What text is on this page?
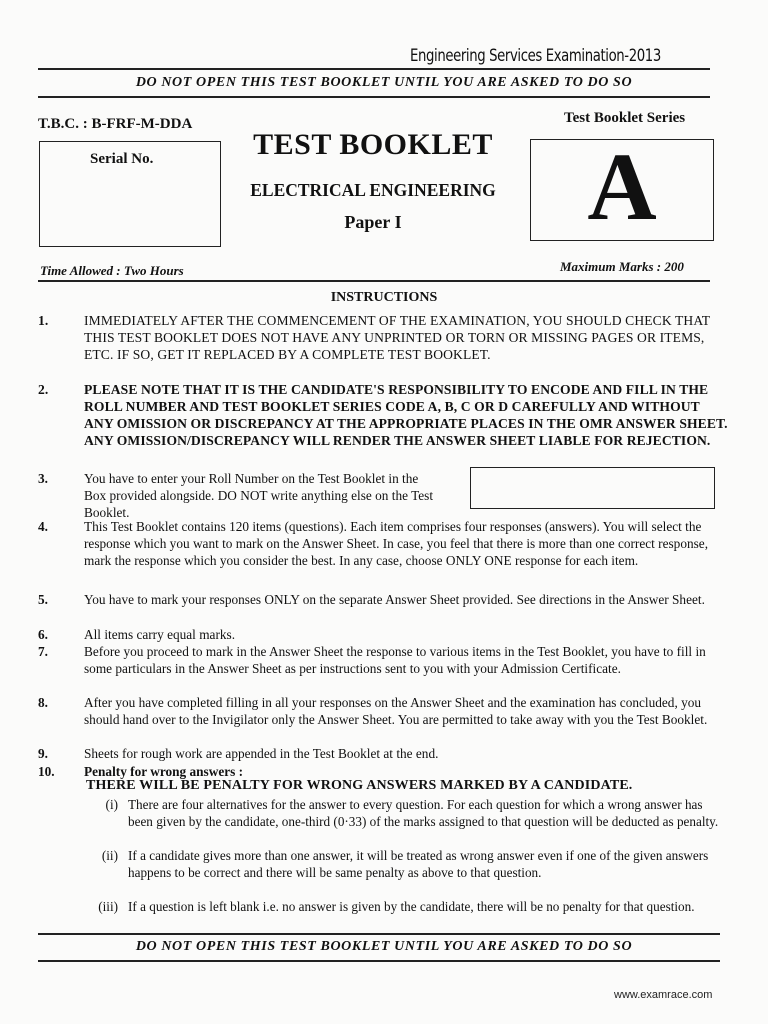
Engineering Services Examination-2013
DO NOT OPEN THIS TEST BOOKLET UNTIL YOU ARE ASKED TO DO SO
T.B.C. : B-FRF-M-DDA
Serial No.	TEST BOOKLET
ELECTRICAL ENGINEERING
Paper I
Test Booklet Series
A
Time Allowed : Two Hours	Maximum Marks : 200
INSTRUCTIONS
1.	IMMEDIATELY AFTER THE COMMENCEMENT OF THE EXAMINATION, YOU SHOULD CHECK THAT THIS TEST BOOKLET DOES NOT HAVE ANY UNPRINTED OR TORN OR MISSING PAGES OR ITEMS, ETC. IF SO, GET IT REPLACED BY A COMPLETE TEST BOOKLET.
2.	PLEASE NOTE THAT IT IS THE CANDIDATE'S RESPONSIBILITY TO ENCODE AND FILL IN THE ROLL NUMBER AND TEST BOOKLET SERIES CODE A, B, C OR D CAREFULLY AND WITHOUT ANY OMISSION OR DISCREPANCY AT THE APPROPRIATE PLACES IN THE OMR ANSWER SHEET. ANY OMISSION/DISCREPANCY WILL RENDER THE ANSWER SHEET LIABLE FOR REJECTION.
3.	You have to enter your Roll Number on the Test Booklet in the Box provided alongside. DO NOT write anything else on the Test Booklet.
4.	This Test Booklet contains 120 items (questions). Each item comprises four responses (answers). You will select the response which you want to mark on the Answer Sheet. In case, you feel that there is more than one correct response, mark the response which you consider the best. In any case, choose ONLY ONE response for each item.
5.	You have to mark your responses ONLY on the separate Answer Sheet provided. See directions in the Answer Sheet.
6.	All items carry equal marks.
7.	Before you proceed to mark in the Answer Sheet the response to various items in the Test Booklet, you have to fill in some particulars in the Answer Sheet as per instructions sent to you with your Admission Certificate.
8.	After you have completed filling in all your responses on the Answer Sheet and the examination has concluded, you should hand over to the Invigilator only the Answer Sheet. You are permitted to take away with you the Test Booklet.
9.	Sheets for rough work are appended in the Test Booklet at the end.
10.	Penalty for wrong answers :
THERE WILL BE PENALTY FOR WRONG ANSWERS MARKED BY A CANDIDATE.
(i) There are four alternatives for the answer to every question. For each question for which a wrong answer has been given by the candidate, one-third (0·33) of the marks assigned to that question will be deducted as penalty.
(ii) If a candidate gives more than one answer, it will be treated as wrong answer even if one of the given answers happens to be correct and there will be same penalty as above to that question.
(iii) If a question is left blank i.e. no answer is given by the candidate, there will be no penalty for that question.
DO NOT OPEN THIS TEST BOOKLET UNTIL YOU ARE ASKED TO DO SO
www.examrace.com
